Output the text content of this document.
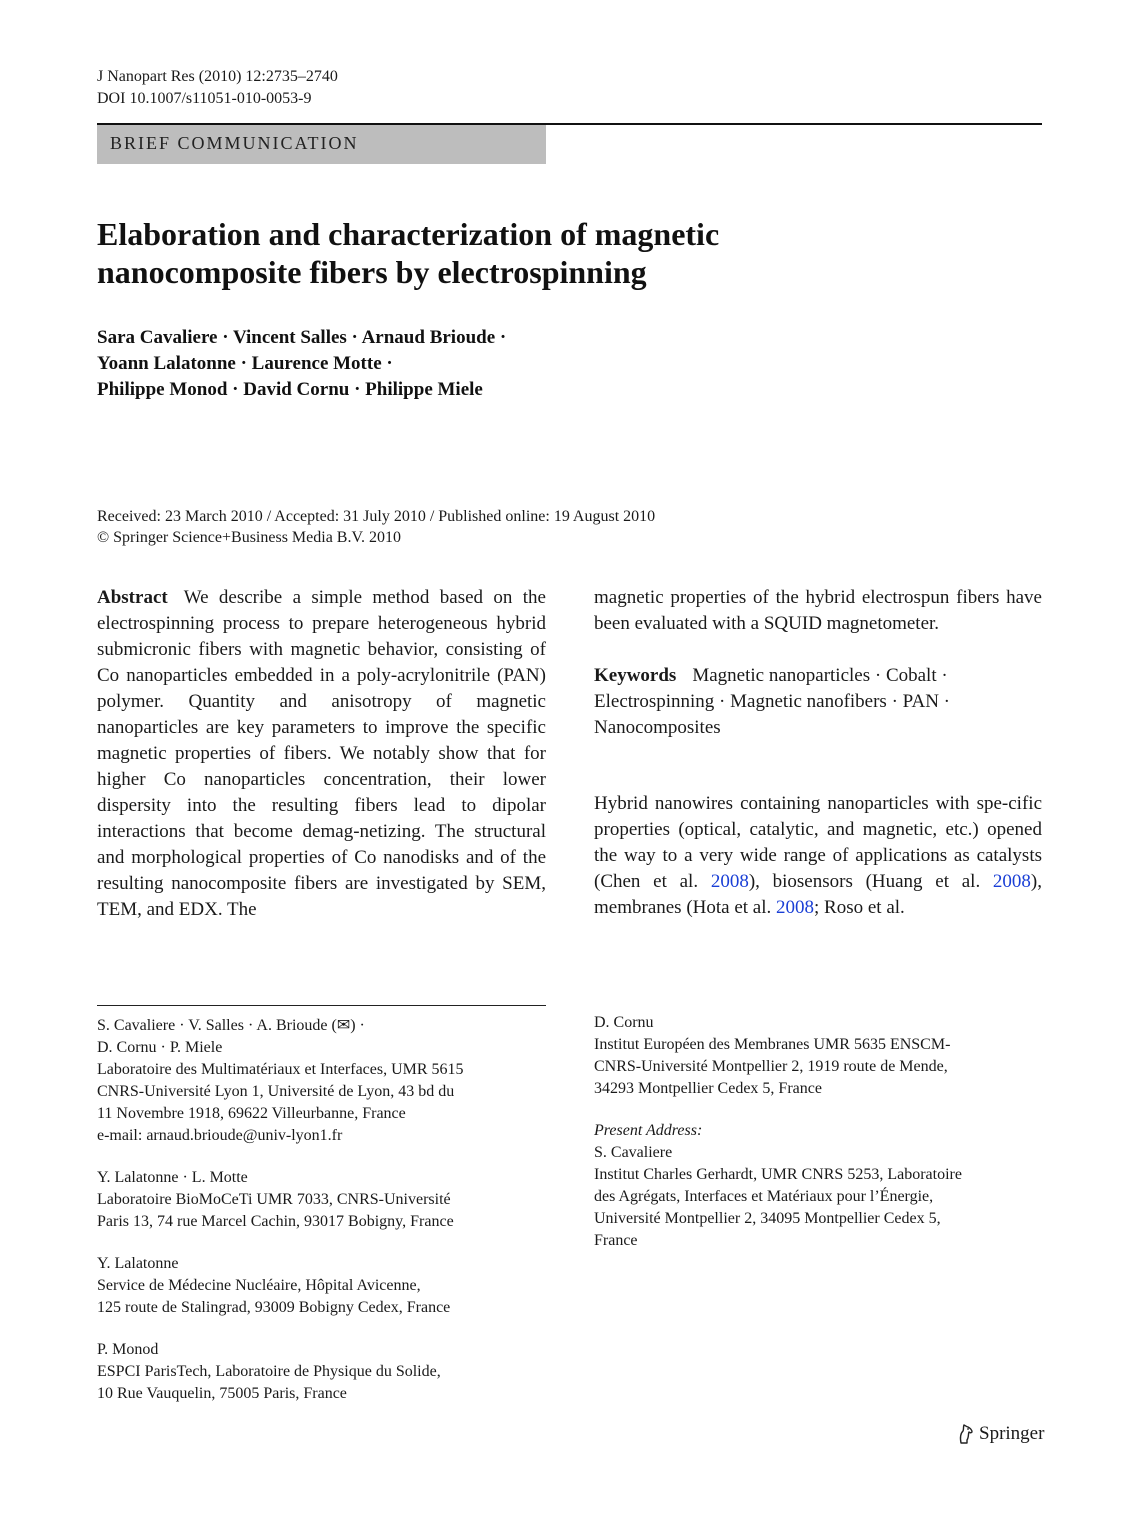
J Nanopart Res (2010) 12:2735–2740
DOI 10.1007/s11051-010-0053-9
BRIEF COMMUNICATION
Elaboration and characterization of magnetic
nanocomposite fibers by electrospinning
Sara Cavaliere · Vincent Salles · Arnaud Brioude ·
Yoann Lalatonne · Laurence Motte ·
Philippe Monod · David Cornu · Philippe Miele
Received: 23 March 2010 / Accepted: 31 July 2010 / Published online: 19 August 2010
© Springer Science+Business Media B.V. 2010
Abstract We describe a simple method based on the electrospinning process to prepare heterogeneous hybrid submicronic fibers with magnetic behavior, consisting of Co nanoparticles embedded in a poly-acrylonitrile (PAN) polymer. Quantity and anisotropy of magnetic nanoparticles are key parameters to improve the specific magnetic properties of fibers. We notably show that for higher Co nanoparticles concentration, their lower dispersity into the resulting fibers lead to dipolar interactions that become demag-netizing. The structural and morphological properties of Co nanodisks and of the resulting nanocomposite fibers are investigated by SEM, TEM, and EDX. The
magnetic properties of the hybrid electrospun fibers have been evaluated with a SQUID magnetometer.
Keywords Magnetic nanoparticles · Cobalt · Electrospinning · Magnetic nanofibers · PAN · Nanocomposites
Hybrid nanowires containing nanoparticles with spe-cific properties (optical, catalytic, and magnetic, etc.) opened the way to a very wide range of applications as catalysts (Chen et al. 2008), biosensors (Huang et al. 2008), membranes (Hota et al. 2008; Roso et al.
S. Cavaliere · V. Salles · A. Brioude (✉) ·
D. Cornu · P. Miele
Laboratoire des Multimatériaux et Interfaces, UMR 5615
CNRS-Université Lyon 1, Université de Lyon, 43 bd du
11 Novembre 1918, 69622 Villeurbanne, France
e-mail: arnaud.brioude@univ-lyon1.fr
Y. Lalatonne · L. Motte
Laboratoire BioMoCeTi UMR 7033, CNRS-Université
Paris 13, 74 rue Marcel Cachin, 93017 Bobigny, France
Y. Lalatonne
Service de Médecine Nucléaire, Hôpital Avicenne,
125 route de Stalingrad, 93009 Bobigny Cedex, France
P. Monod
ESPCI ParisTech, Laboratoire de Physique du Solide,
10 Rue Vauquelin, 75005 Paris, France
D. Cornu
Institut Européen des Membranes UMR 5635 ENSCM-
CNRS-Université Montpellier 2, 1919 route de Mende,
34293 Montpellier Cedex 5, France
Present Address:
S. Cavaliere
Institut Charles Gerhardt, UMR CNRS 5253, Laboratoire
des Agrégats, Interfaces et Matériaux pour l’Énergie,
Université Montpellier 2, 34095 Montpellier Cedex 5,
France
Springer
